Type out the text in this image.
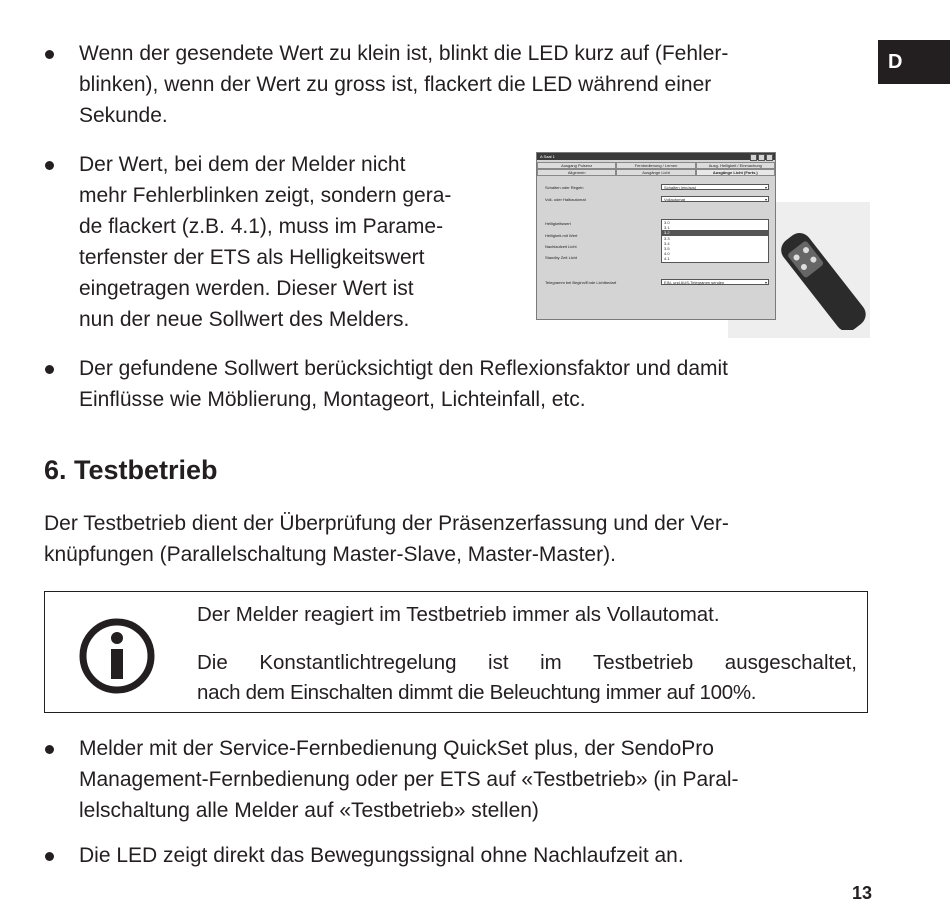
D
Wenn der gesendete Wert zu klein ist, blinkt die LED kurz auf (Fehler-
blinken), wenn der Wert zu gross ist, flackert die LED während einer
Sekunde.
Der Wert, bei dem der Melder nicht
mehr Fehlerblinken zeigt, sondern gera-
de flackert (z.B. 4.1), muss im Parame-
terfenster der ETS als Helligkeitswert
eingetragen werden. Dieser Wert ist
nun der neue Sollwert des Melders.
A Saal 1
Ausgang Pulsenz	Fernbedienung / Lernen	Ausg. Helligkeit / Einmachung
Allgemein	Ausgänge Licht	Ausgänge Licht (Forts.)
Schalten oder Regeln	Schalten (ein/aus)	▾
Voll- oder Halbautomat	Vollautomat	▾
Helligkeitswert
Helligkeit-mit Wert
Nachlaufzeit Licht
Standby Zeit Licht
3.0
3.1
3.2
3.3
3.4
3.5
4.0
4.1
Telegramm bei Beginn/Ende Lichtbedarf	EIN- und AUS-Telegramm senden	▾
Der gefundene Sollwert berücksichtigt den Reflexionsfaktor und damit
Einflüsse wie Möblierung, Montageort, Lichteinfall, etc.
6. Testbetrieb
Der Testbetrieb dient der Überprüfung der Präsenzerfassung und der Ver-
knüpfungen (Parallelschaltung Master-Slave, Master-Master).
Der Melder reagiert im Testbetrieb immer als Vollautomat.
Die Konstantlichtregelung ist im Testbetrieb ausgeschaltet,
nach dem Einschalten dimmt die Beleuchtung immer auf 100%.
Melder mit der Service-Fernbedienung QuickSet plus, der SendoPro
Management-Fernbedienung oder per ETS auf «Testbetrieb» (in Paral-
lelschaltung alle Melder auf «Testbetrieb» stellen)
Die LED zeigt direkt das Bewegungssignal ohne Nachlaufzeit an.
13
